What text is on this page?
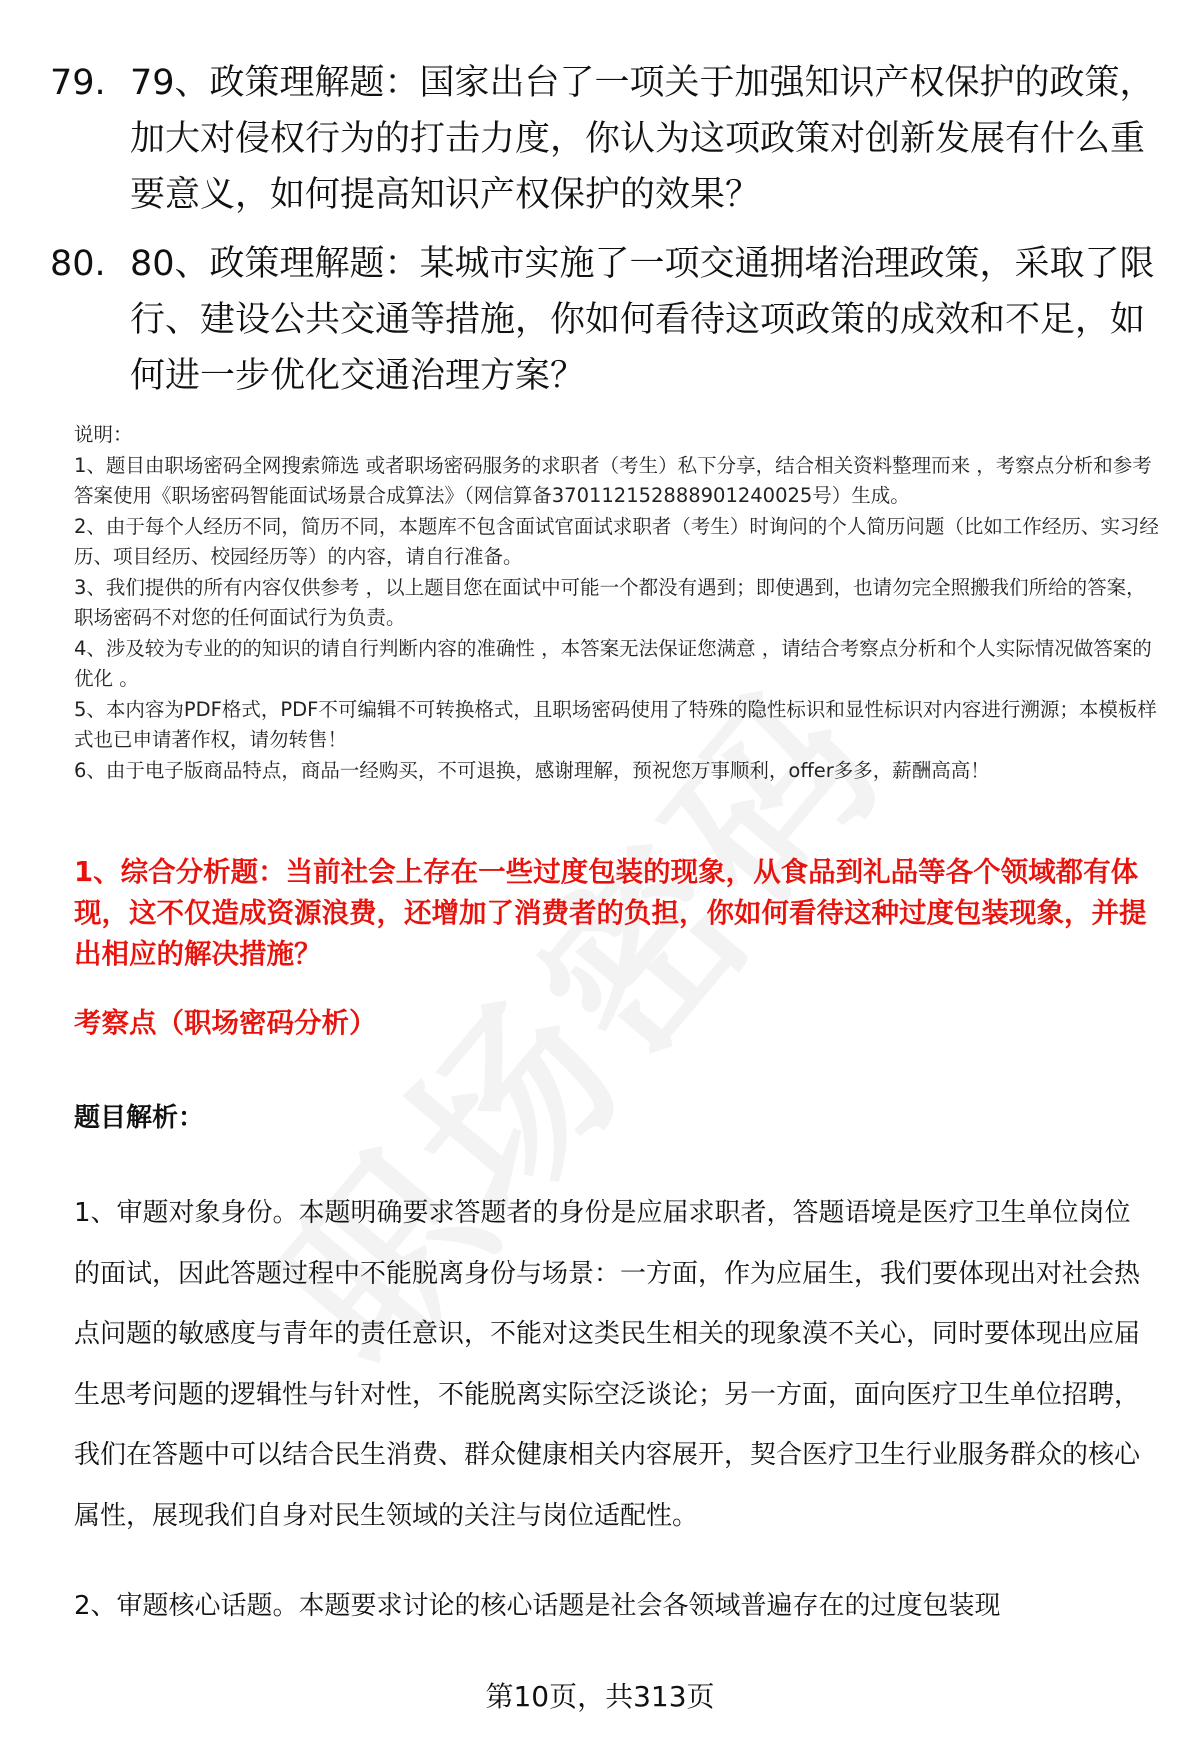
79. 79、政策理解题：国家出台了一项关于加强知识产权保护的政策，加大对侵权行为的打击力度，你认为这项政策对创新发展有什么重要意义，如何提高知识产权保护的效果？
80. 80、政策理解题：某城市实施了一项交通拥堵治理政策，采取了限行、建设公共交通等措施，你如何看待这项政策的成效和不足，如何进一步优化交通治理方案？

说明：

1、题目由职场密码全网搜索筛选 或者职场密码服务的求职者（考生）私下分享，结合相关资料整理而来 ，考察点分析和参考答案使用《职场密码智能面试场景合成算法》（网信算备370112152888901240025号）生成。

2、由于每个人经历不同，简历不同，本题库不包含面试官面试求职者（考生）时询问的个人简历问题（比如工作经历、实习经历、项目经历、校园经历等）的内容，请自行准备。

3、我们提供的所有内容仅供参考 ，以上题目您在面试中可能一个都没有遇到；即使遇到，也请勿完全照搬我们所给的答案，职场密码不对您的任何面试行为负责。

4、涉及较为专业的的知识的请自行判断内容的准确性 ，本答案无法保证您满意 ，请结合考察点分析和个人实际情况做答案的优化 。

5、本内容为PDF格式，PDF不可编辑不可转换格式，且职场密码使用了特殊的隐性标识和显性标识对内容进行溯源；本模板样式也已申请著作权，请勿转售！

6、由于电子版商品特点，商品一经购买，不可退换，感谢理解，预祝您万事顺利，offer多多，薪酬高高！

1、综合分析题：当前社会上存在一些过度包装的现象，从食品到礼品等各个领域都有体现，这不仅造成资源浪费，还增加了消费者的负担，你如何看待这种过度包装现象，并提出相应的解决措施？
考察点（职场密码分析）
题目解析：

1、审题对象身份。本题明确要求答题者的身份是应届求职者，答题语境是医疗卫生单位岗位的面试，因此答题过程中不能脱离身份与场景：一方面，作为应届生，我们要体现出对社会热点问题的敏感度与青年的责任意识，不能对这类民生相关的现象漠不关心，同时要体现出应届生思考问题的逻辑性与针对性，不能脱离实际空泛谈论；另一方面，面向医疗卫生单位招聘，我们在答题中可以结合民生消费、群众健康相关内容展开，契合医疗卫生行业服务群众的核心属性，展现我们自身对民生领域的关注与岗位适配性。

2、审题核心话题。本题要求讨论的核心话题是社会各领域普遍存在的过度包装现

第10页，共313页
